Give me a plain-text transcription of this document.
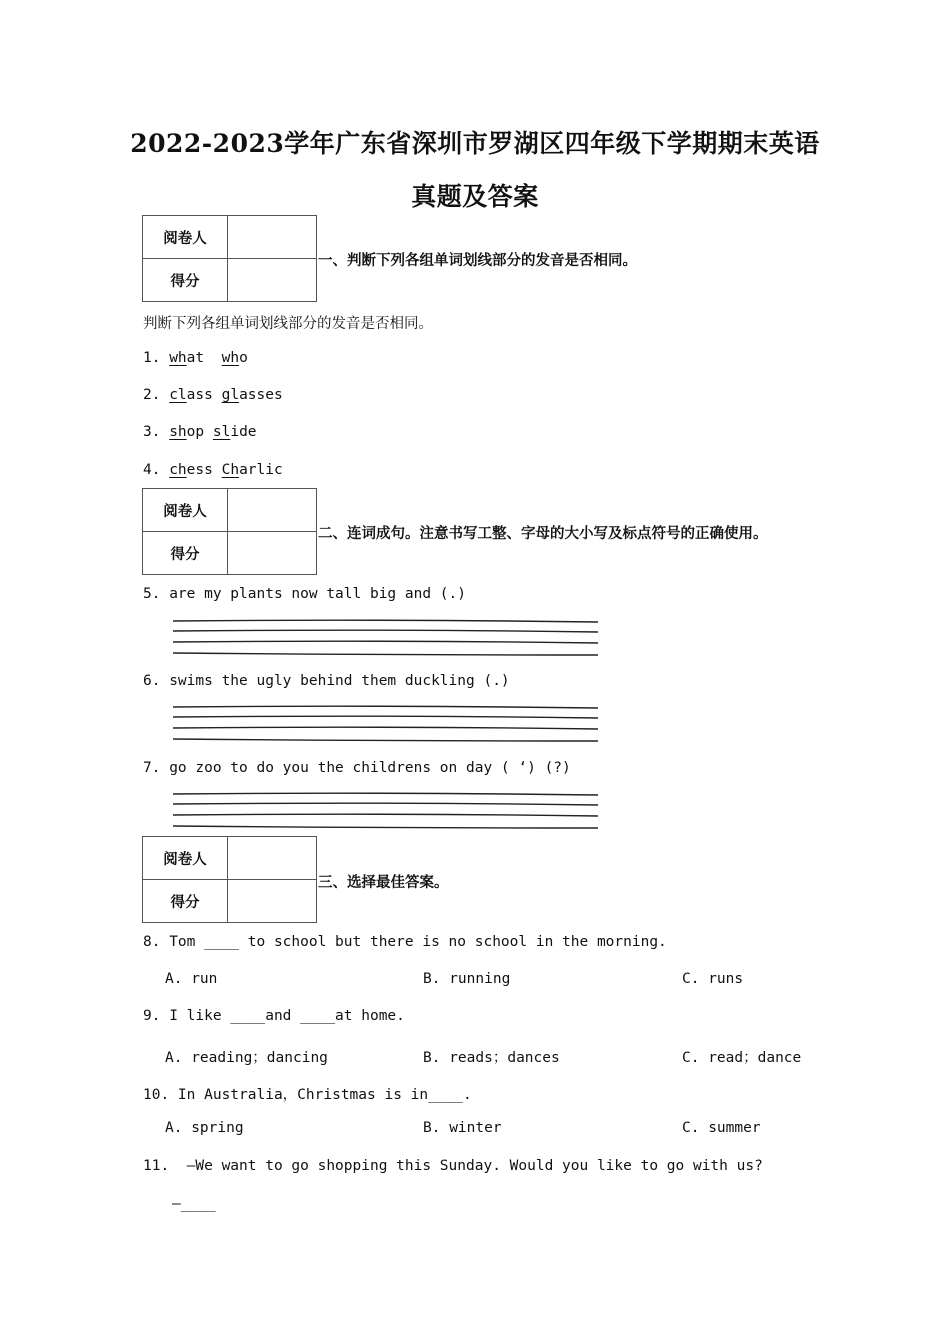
2022-2023学年广东省深圳市罗湖区四年级下学期期末英语
真题及答案
阅卷人	
得分	
一、判断下列各组单词划线部分的发音是否相同。
判断下列各组单词划线部分的发音是否相同。
1. what who
2. class glasses
3. shop slide
4. chess Charlic
阅卷人	
得分	
二、连词成句。注意书写工整、字母的大小写及标点符号的正确使用。
5. are my plants now tall big and (.)
6. swims the ugly behind them duckling (.)
7. go zoo to do you the childrens on day ( ‘) (?)
阅卷人	
得分	
三、选择最佳答案。
8. Tom ____ to school but there is no school in the morning.
A. run	B. running	C. runs
9. I like ____and ____at home.
A. reading；dancing	B. reads；dances	C. read；dance
10. In Australia，Christmas is in____.
A. spring	B. winter	C. summer
11.  —We want to go shopping this Sunday. Would you like to go with us?
—____
